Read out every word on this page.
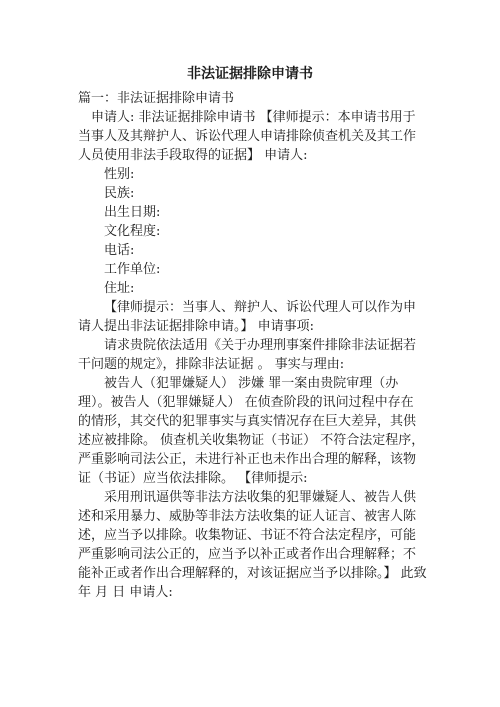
非法证据排除申请书

篇一：非法证据排除申请书

申请人: 非法证据排除申请书 【律师提示：本申请书用于当事人及其辩护人、诉讼代理人申请排除侦查机关及其工作人员使用非法手段取得的证据】 申请人:

性别:

民族:

出生日期:

文化程度:

电话:

工作单位:

住址:

【律师提示：当事人、辩护人、诉讼代理人可以作为申请人提出非法证据排除申请。】 申请事项:

请求贵院依法适用《关于办理刑事案件排除非法证据若干问题的规定》，排除非法证据 。 事实与理由:

被告人（犯罪嫌疑人） 涉嫌 罪一案由贵院审理（办理）。被告人（犯罪嫌疑人） 在侦查阶段的讯问过程中存在 的情形，其交代的犯罪事实与真实情况存在巨大差异，其供述应被排除。 侦查机关收集物证（书证） 不符合法定程序，严重影响司法公正，未进行补正也未作出合理的解释，该物证（书证）应当依法排除。 【律师提示:

采用刑讯逼供等非法方法收集的犯罪嫌疑人、被告人供述和采用暴力、威胁等非法方法收集的证人证言、被害人陈述，应当予以排除。收集物证、书证不符合法定程序，可能严重影响司法公正的，应当予以补正或者作出合理解释；不能补正或者作出合理解释的，对该证据应当予以排除。】 此致 年 月 日 申请人:
